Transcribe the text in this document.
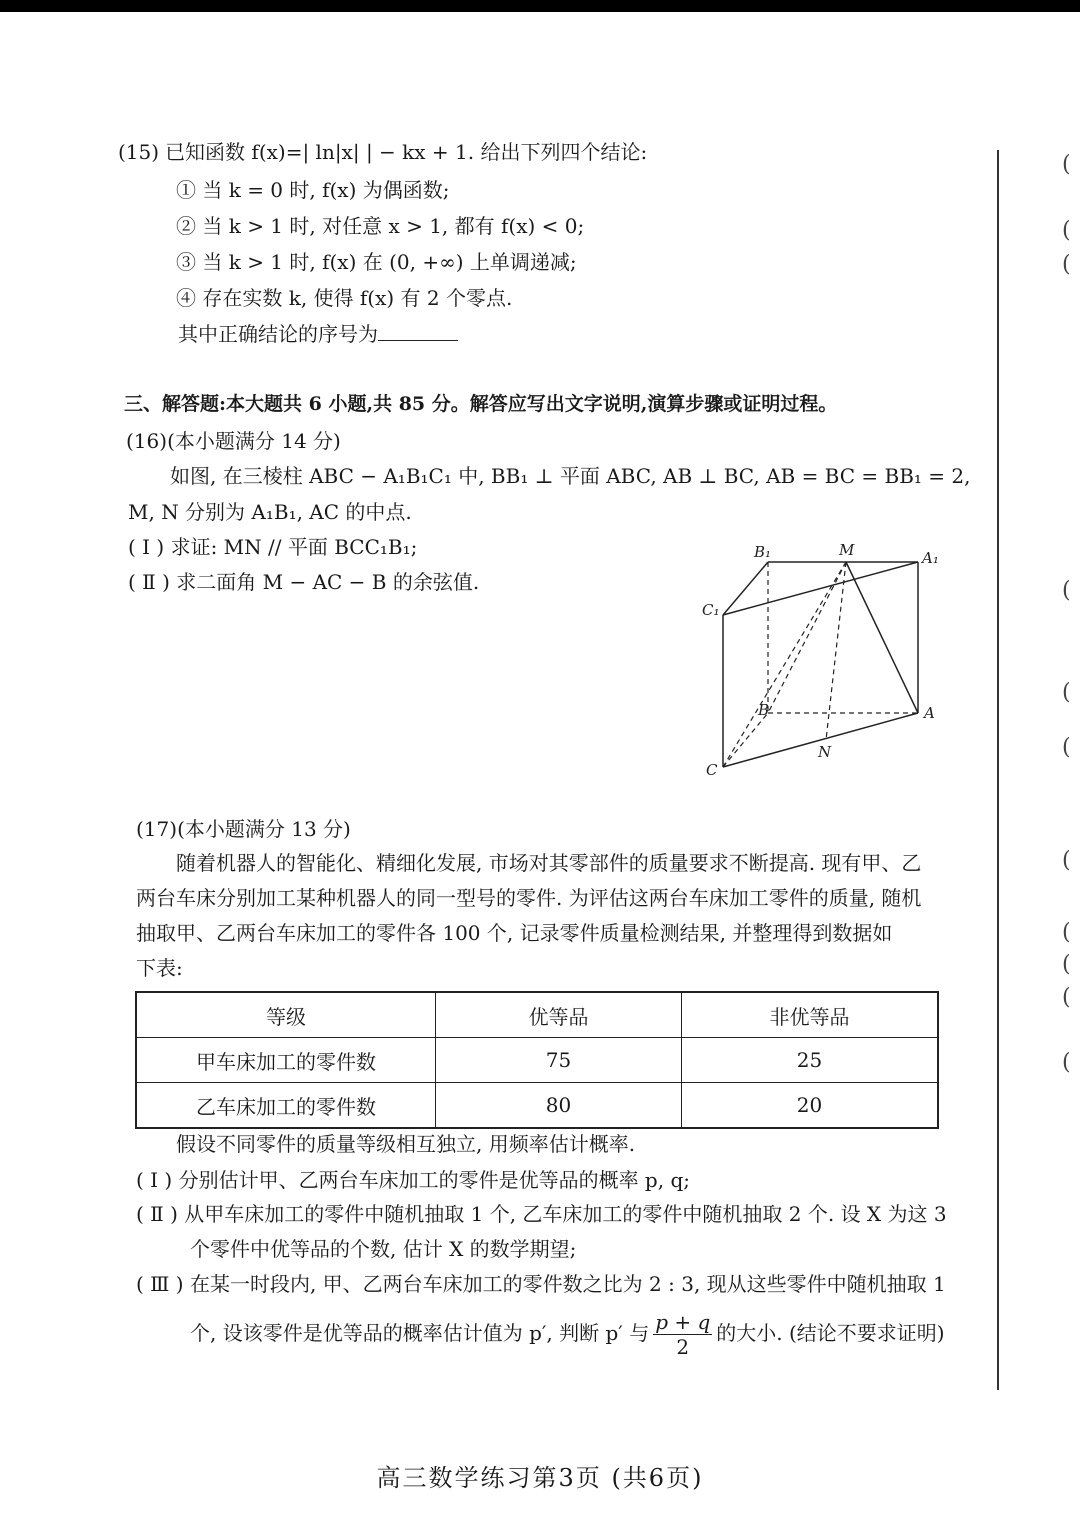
(15) 已知函数 f(x)=| ln|x| | − kx + 1. 给出下列四个结论:
① 当 k = 0 时, f(x) 为偶函数;
② 当 k > 1 时, 对任意 x > 1, 都有 f(x) < 0;
③ 当 k > 1 时, f(x) 在 (0, +∞) 上单调递减;
④ 存在实数 k, 使得 f(x) 有 2 个零点.
其中正确结论的序号为
三、解答题:本大题共 6 小题,共 85 分。解答应写出文字说明,演算步骤或证明过程。
(16)(本小题满分 14 分)
如图, 在三棱柱 ABC − A₁B₁C₁ 中, BB₁ ⊥ 平面 ABC, AB ⊥ BC, AB = BC = BB₁ = 2,
M, N 分别为 A₁B₁, AC 的中点.
( Ⅰ ) 求证: MN // 平面 BCC₁B₁;
( Ⅱ ) 求二面角 M − AC − B 的余弦值.
B₁	M	A₁
C₁
B	A
N
C
(17)(本小题满分 13 分)
随着机器人的智能化、精细化发展, 市场对其零部件的质量要求不断提高. 现有甲、乙
两台车床分别加工某种机器人的同一型号的零件. 为评估这两台车床加工零件的质量, 随机
抽取甲、乙两台车床加工的零件各 100 个, 记录零件质量检测结果, 并整理得到数据如
下表:
等级	优等品	非优等品
甲车床加工的零件数	75	25
乙车床加工的零件数	80	20
假设不同零件的质量等级相互独立, 用频率估计概率.
( Ⅰ ) 分别估计甲、乙两台车床加工的零件是优等品的概率 p, q;
( Ⅱ ) 从甲车床加工的零件中随机抽取 1 个, 乙车床加工的零件中随机抽取 2 个. 设 X 为这 3
个零件中优等品的个数, 估计 X 的数学期望;
( Ⅲ ) 在某一时段内, 甲、乙两台车床加工的零件数之比为 2 : 3, 现从这些零件中随机抽取 1
个, 设该零件是优等品的概率估计值为 p′, 判断 p′ 与 $\frac{p + q}{2}$ 的大小. (结论不要求证明)
(
(
(
(
(
(
(
(
(
(
(
高三数学练习第3页 (共6页)
